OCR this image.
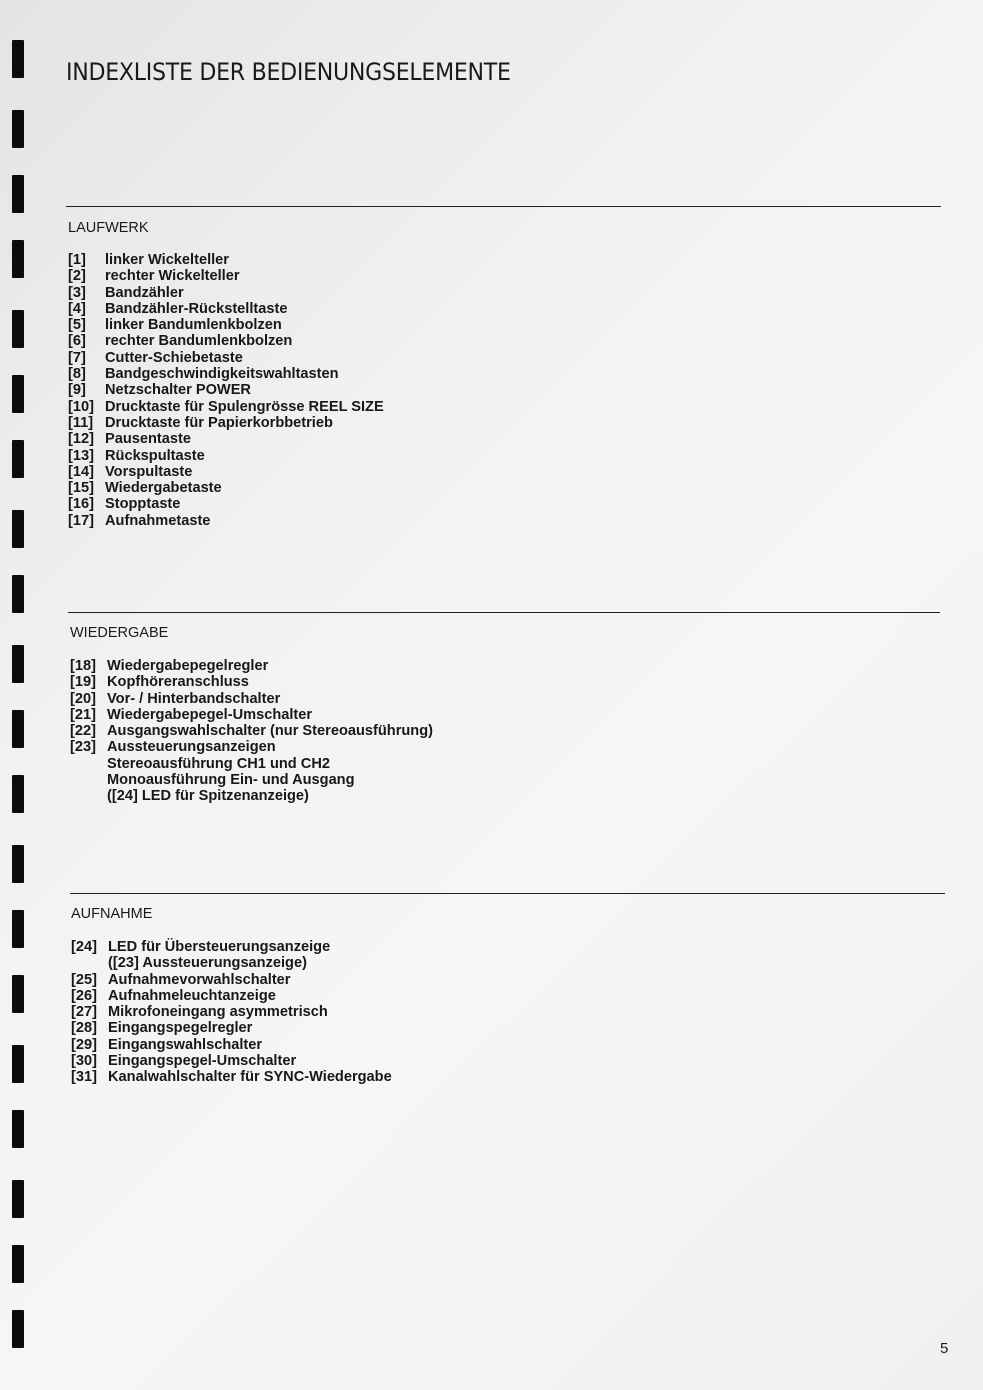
INDEXLISTE DER BEDIENUNGSELEMENTE
LAUFWERK
[1] linker Wickelteller
[2] rechter Wickelteller
[3] Bandzähler
[4] Bandzähler-Rückstelltaste
[5] linker Bandumlenkbolzen
[6] rechter Bandumlenkbolzen
[7] Cutter-Schiebetaste
[8] Bandgeschwindigkeitswahltasten
[9] Netzschalter POWER
[10] Drucktaste für Spulengrösse REEL SIZE
[11] Drucktaste für Papierkorbbetrieb
[12] Pausentaste
[13] Rückspultaste
[14] Vorspultaste
[15] Wiedergabetaste
[16] Stopptaste
[17] Aufnahmetaste
WIEDERGABE
[18] Wiedergabepegelregler
[19] Kopfhöreranschluss
[20] Vor- / Hinterbandschalter
[21] Wiedergabepegel-Umschalter
[22] Ausgangswahlschalter (nur Stereoausführung)
[23] Aussteuerungsanzeigen
Stereoausführung CH1 und CH2
Monoausführung Ein- und Ausgang
([24] LED für Spitzenanzeige)
AUFNAHME
[24] LED für Übersteuerungsanzeige
([23] Aussteuerungsanzeige)
[25] Aufnahmevorwahlschalter
[26] Aufnahmeleuchtanzeige
[27] Mikrofoneingang asymmetrisch
[28] Eingangspegelregler
[29] Eingangswahlschalter
[30] Eingangspegel-Umschalter
[31] Kanalwahlschalter für SYNC-Wiedergabe
5
